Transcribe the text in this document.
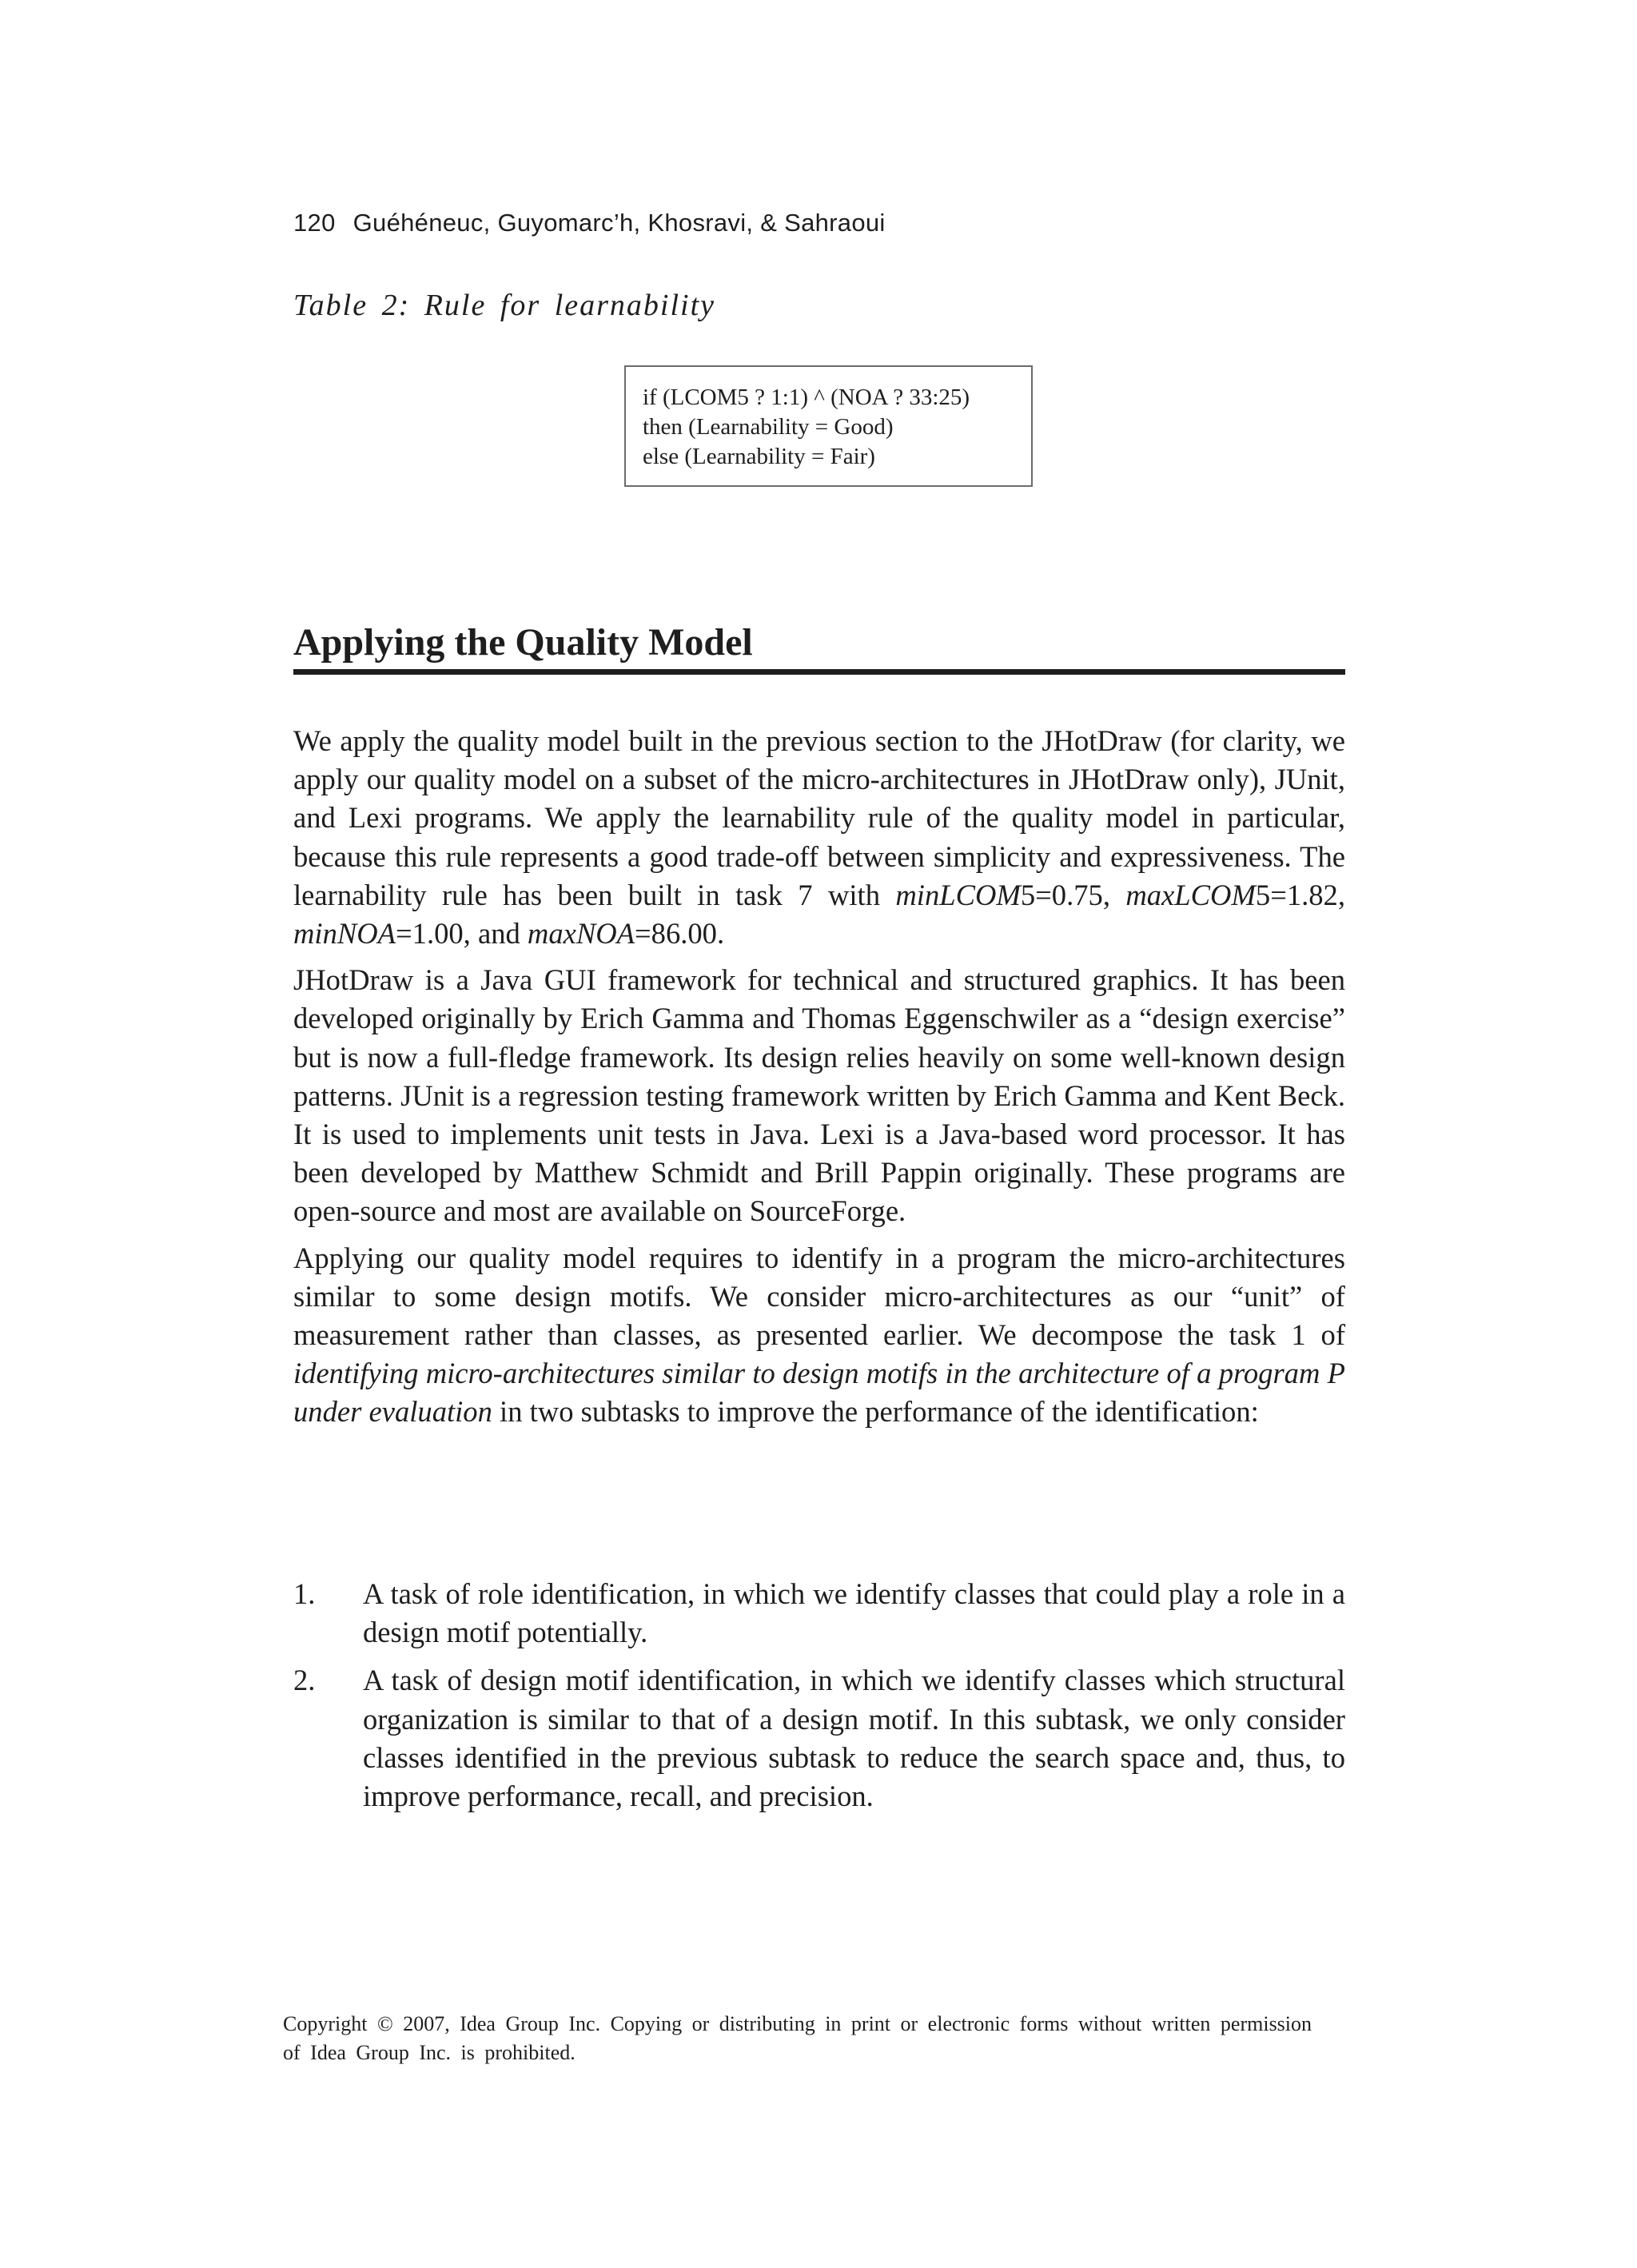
120 Guéhéneuc, Guyomarc’h, Khosravi, & Sahraoui
Table 2: Rule for learnability
if (LCOM5 ? 1:1) ^ (NOA ? 33:25)
then (Learnability = Good)
else (Learnability = Fair)
Applying the Quality Model

We apply the quality model built in the previous section to the JHotDraw (for clarity, we apply our quality model on a subset of the micro-architectures in JHotDraw only), JUnit, and Lexi programs. We apply the learnability rule of the quality model in particular, because this rule represents a good trade-off between simplicity and expressiveness. The learnability rule has been built in task 7 with minLCOM5=0.75, maxLCOM5=1.82, minNOA=1.00, and maxNOA=86.00.

JHotDraw is a Java GUI framework for technical and structured graphics. It has been developed originally by Erich Gamma and Thomas Eggenschwiler as a “design exercise” but is now a full-fledge framework. Its design relies heavily on some well-known design patterns. JUnit is a regression testing framework written by Erich Gamma and Kent Beck. It is used to implements unit tests in Java. Lexi is a Java-based word processor. It has been developed by Matthew Schmidt and Brill Pappin originally. These programs are open-source and most are available on SourceForge.

Applying our quality model requires to identify in a program the micro-architectures similar to some design motifs. We consider micro-architectures as our “unit” of measurement rather than classes, as presented earlier. We decompose the task 1 of identifying micro-architectures similar to design motifs in the architecture of a program P under evaluation in two subtasks to improve the performance of the identification:

1. A task of role identification, in which we identify classes that could play a role in a design motif potentially.
2. A task of design motif identification, in which we identify classes which structural organization is similar to that of a design motif. In this subtask, we only consider classes identified in the previous subtask to reduce the search space and, thus, to improve performance, recall, and precision.
Copyright © 2007, Idea Group Inc. Copying or distributing in print or electronic forms without written permission of Idea Group Inc. is prohibited.
